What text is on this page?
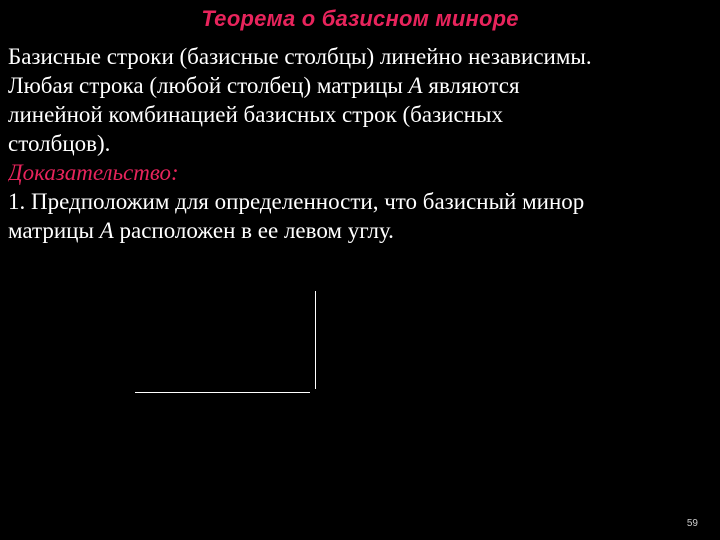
Теорема о базисном миноре
Базисные строки (базисные столбцы) линейно независимы.
Любая строка (любой столбец) матрицы A являются
линейной комбинацией базисных строк (базисных
столбцов).
Доказательство:
1. Предположим для определенности, что базисный минор
матрицы A расположен в ее левом углу.
59
